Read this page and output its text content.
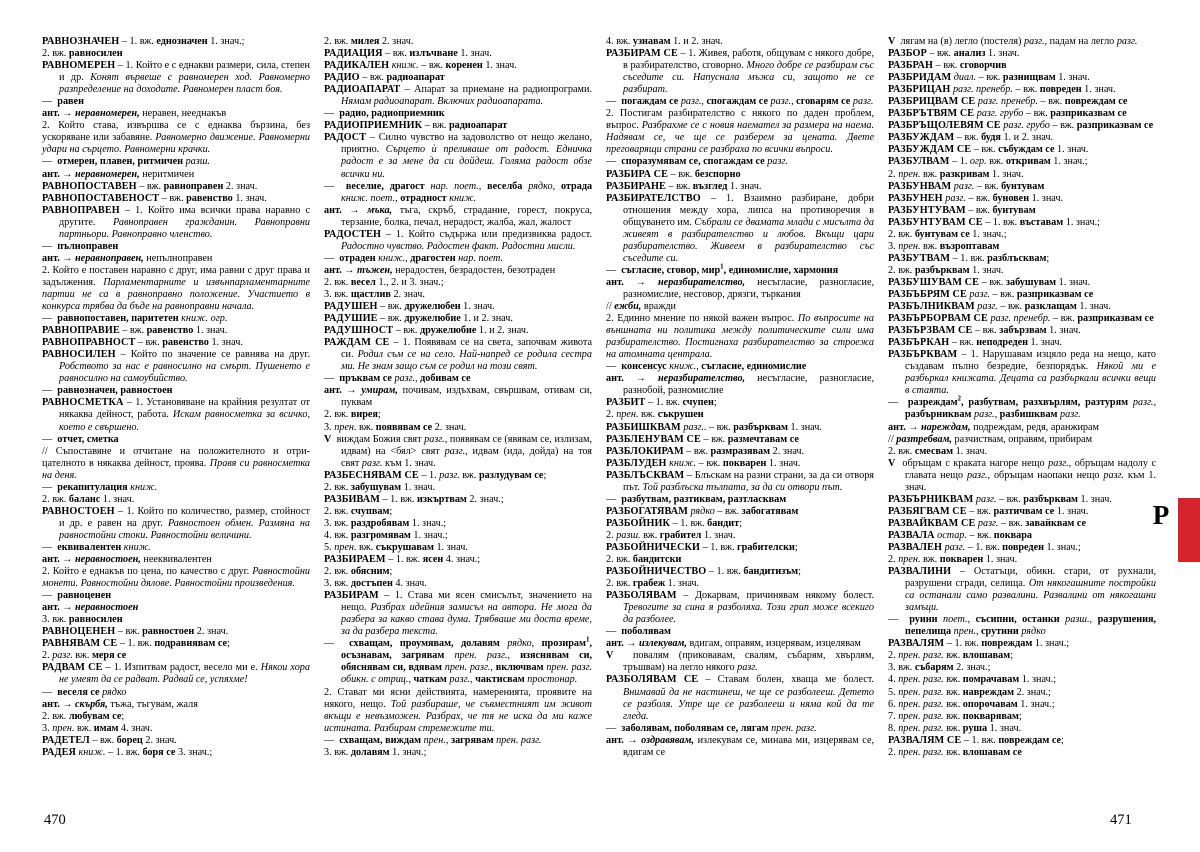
РАВНОЗНАЧЕН – 1. вж. еднозначен 1. знач.;

2. вж. равносилен

РАВНОМЕРЕН – 1. Който е с еднакви размери, сила, степен и др. Конят вървеше с равномерен ход. Равномерно разпределение на доходите. Равномерен пласт боя.

—  равен

ант. → неравномерен, неравен, нееднакъв

2. Който става, извършва се с еднаква бързина, без ускоряване или забавяне. Равномерно движение. Равномерни удари на сърцето. Равномерни крачки.

—  отмерен, плавен, ритмичен разш.

ант. → неравномерен, неритмичен

РАВНОПОСТАВЕН – вж. равноправен 2. знач.

РАВНОПОСТАВЕНОСТ – вж. равенство 1. знач.

РАВНОПРАВЕН – 1. Който има всички права наравно с другите. Равноправен гражданин. Равноправни партньори. Равноправно членство.

—  пълноправен

ант. → неравноправен, непълноправен

2. Който е поставен наравно с друг, има равни с друг права и задължения. Парламентарните и извънпарламентарните партии не са в равноправно положение. Участието в конкурса трябва да бъде на равноправни начала.

—  равнопоставен, паритетен книж. огр.

РАВНОПРАВИЕ – вж. равенство 1. знач.

РАВНОПРАВНОСТ – вж. равенство 1. знач.

РАВНОСИЛЕН – Който по значение се равнява на друг. Робството за нас е равносилно на смърт. Пушенето е равносилно на самоубийство.

—  равнозначен, равностоен

РАВНОСМЕТКА – 1. Установяване на крайния резултат от някаква дейност, работа. Искам равносметка за всичко, което е свършено.

—  отчет, сметка

// Съпоставяне и отчитане на положителното и отрицателното в някаква дейност, проява. Правя си равносметка на деня.

—  рекапитулация книж.

2. вж. баланс 1. знач.

РАВНОСТОЕН – 1. Който по количество, размер, стойност и др. е равен на друг. Равностоен обмен. Размяна на равностойни стоки. Равностойни величини.

—  еквивалентен книж.

ант. → неравностоен, нееквивалентен

2. Който е еднакъв по цена, по качество с друг. Равностойни монети. Равностойни дялове. Равностойни произведения.

—  равноценен

ант. → неравностоен

3. вж. равносилен

РАВНОЦЕНЕН – вж. равностоен 2. знач.

РАВНЯВАМ СЕ – 1. вж. подравнявам се;

2. разг. вж. меря се

РАДВАМ СЕ – 1. Изпитвам радост, весело ми е. Някои хора не умеят да се радват. Радвай се, успяхме!

—  веселя се рядко

ант. → скърбя, тъжа, тъгувам, жаля

2. вж. любувам се;

3. прен. вж. имам 4. знач.

РАДЕТЕЛ – вж. борец 2. знач.

РАДЕЯ книж. – 1. вж. боря се 3. знач.;

2. вж. милея 2. знач.

РАДИАЦИЯ – вж. излъчване 1. знач.

РАДИКАЛЕН книж. – вж. коренен 1. знач.

РАДИО – вж. радиоапарат

РАДИОАПАРАТ – Апарат за приемане на радиопрограми. Нямам радиоапарат. Включих радиоапарата.

—  радио, радиоприемник

РАДИОПРИЕМНИК – вж. радиоапарат

РАДОСТ – Силно чувство на задоволство от нещо желано, приятно. Сърцето ѝ преливаше от радост. Едничка радост е за мене да си дойдеш. Голяма радост обзе всички ни.

—  веселие, драгост нар. поет., веселба рядко, отрада книж. поет., отрадност книж.

ант. → мъка, тъга, скръб, страдание, горест, покруса, терзание, болка, печал, нерадост, жалба, жал, жалост

РАДОСТЕН – 1. Който съдържа или предизвиква радост. Радостно чувство. Радостен факт. Радостни мисли.

—  отраден книж., драгостен нар. поет.

ант. → тъжен, нерадостен, безрадостен, безотраден

2. вж. весел 1., 2. и 3. знач.;

3. вж. щастлив 2. знач.

РАДУШЕН – вж. дружелюбен 1. знач.

РАДУШИЕ – вж. дружелюбие 1. и 2. знач.

РАДУШНОСТ – вж. дружелюбие 1. и 2. знач.

РАЖДАМ СЕ – 1. Появявам се на света, започвам живота си. Родил съм се на село. Най-напред се родила сестра ми. Не знам защо съм се родил на този свят.

—  пръквам се разг., добивам се

ант. → умирам, почивам, издъхвам, свършвам, отивам си, пуквам

2. вж. вирея;

3. прен. вж. появявам се 2. знач.

V  виждам Божия свят разг., появявам се (явявам се, излизам, идвам) на <бял> свят разг., идвам (ида, дойда) на тоя свят разг. към 1. знач.

РАЗБЕСНЯВАМ СЕ – 1. разг. вж. разлудувам се;

2. вж. забушувам 1. знач.

РАЗБИВАМ – 1. вж. изкъртвам 2. знач.;

2. вж. счупвам;

3. вж. раздробявам 1. знач.;

4. вж. разгромявам 1. знач.;

5. прен. вж. съкрушавам 1. знач.

РАЗБИРАЕМ – 1. вж. ясен 4. знач.;

2. вж. обясним;

3. вж. достъпен 4. знач.

РАЗБИРАМ – 1. Става ми ясен смисълът, значението на нещо. Разбрах идейния замисъл на автора. Не мога да разбера за какво става дума. Трябваше ми доста време, за да разбера текста.

—  схващам, проумявам, долавям рядко, прозирам$^1$, осъзнавам, загрявам прен. разг., изяснявам си, обяснявам си, вдявам прен. разг., включвам прен. разг. обикн. с отриц., чаткам разг., чактисвам простонар.

2. Стават ми ясни действията, намеренията, проявите на някого, нещо. Той разбираше, че съвместният им живот вкъщи е невъзможен. Разбрах, че тя не иска да ми каже истината. Разбирам стремежите ти.

—  схващам, виждам прен., загрявам прен. разг.

3. вж. долавям 1. знач.;

4. вж. узнавам 1. и 2. знач.

РАЗБИРАМ СЕ – 1. Живея, работя, общувам с някого добре, в разбирателство, сговорно. Много добре се разбирам със съседите си. Напуснала мъжа си, защото не се разбират.

—  погаждам се разг., спогаждам се разг., сговарям се разг.

2. Постигам разбирателство с някого по даден проблем, въпрос. Разбрахме се с новия наемател за размера на наема. Надявам се, че ще се разберем за цената. Двете преговарящи страни се разбраха по всички въпроси.

—  споразумявам се, спогаждам се разг.

РАЗБИРА СЕ – вж. безспорно

РАЗБИРАНЕ – вж. възглед 1. знач.

РАЗБИРАТЕЛСТВО – 1. Взаимно разбиране, добри отношения между хора, липса на противоречия в общуването им. Събрали се двамата млади с мисълта да живеят в разбирателство и любов. Вкъщи цари разбирателство. Живеем в разбирателство със съседите си.

—  съгласие, сговор, мир$^1$, единомислие, хармония

ант. → неразбирателство, несъгласие, разногласие, разномислие, несговор, дрязги, търкания

// ежби, вражди

2. Единно мнение по някой важен въпрос. По въпросите на външната ни политика между политическите сили има разбирателство. Постигнаха разбирателство за строежа на атомната централа.

—  консенсус книж., съгласие, единомислие

ант. → неразбирателство, несъгласие, разногласие, разнобой, разномислие

РАЗБИТ – 1. вж. счупен;

2. прен. вж. съкрушен

РАЗБИШКВАМ разг.. – вж. разбърквам 1. знач.

РАЗБЛЕНУВАМ СЕ – вж. размечтавам се

РАЗБЛОКИРАМ – вж. размразявам 2. знач.

РАЗБЛУДЕН книж. – вж. покварен 1. знач.

РАЗБЛЪСКВАМ – Блъскам на разни страни, за да си отворя път. Той разблъска тълпата, за да си отвори път.

—  разбутвам, разтиквам, разтласквам

РАЗБОГАТЯВАМ рядко – вж. забогатявам

РАЗБОЙНИК – 1. вж. бандит;

2. разш. вж. грабител 1. знач.

РАЗБОЙНИЧЕСКИ – 1. вж. грабителски;

2. вж. бандитски

РАЗБОЙНИЧЕСТВО – 1. вж. бандитизъм;

2. вж. грабеж 1. знач.

РАЗБОЛЯВАМ – Докарвам, причинявам някому болест. Тревогите за сина я разболяха. Този грип може всекиго да разболее.

—  поболявам

ант. → излекувам, вдигам, оправям, изцерявам, изцелявам

V  повалям (приковавам, свалям, събарям, хвърлям, тръшвам) на легло някого разг.

РАЗБОЛЯВАМ СЕ – Ставам болен, хваща ме болест. Внимавай да не настинеш, че ще се разболееш. Детето се разболя. Утре ще се разболееш и няма кой да те гледа.

—  заболявам, поболявам се, лягам прен. разг.

ант. → оздравявам, излекувам се, минава ми, изцерявам се, вдигам се

V  лягам на (в) легло (постеля) разг., падам на легло разг.

РАЗБОР – вж. анализ 1. знач.

РАЗБРАН – вж. сговорчив

РАЗБРИДАМ диал. – вж. разнищвам 1. знач.

РАЗБРИЦАН разг. пренебр. – вж. повреден 1. знач.

РАЗБРИЦВАМ СЕ разг. пренебр. – вж. повреждам се

РАЗБРЪТВЯМ СЕ разг. грубо – вж. разприказвам се

РАЗБРЪЩОЛЕВЯМ СЕ разг. грубо – вж. разприказвам се

РАЗБУЖДАМ – вж. будя 1. и 2. знач.

РАЗБУЖДАМ СЕ – вж. събуждам се 1. знач.

РАЗБУЛВАМ – 1. огр. вж. откривам 1. знач.;

2. прен. вж. разкривам 1. знач.

РАЗБУНВАМ разг. – вж. бунтувам

РАЗБУНЕН разг. – вж. буновен 1. знач.

РАЗБУНТУВАМ – вж. бунтувам

РАЗБУНТУВАМ СЕ – 1. вж. въставам 1. знач.;

2. вж. бунтувам се 1. знач.;

3. прен. вж. възроптавам

РАЗБУТВАМ – 1. вж. разблъсквам;

2. вж. разбърквам 1. знач.

РАЗБУШУВАМ СЕ – вж. забушувам 1. знач.

РАЗБЪБРЯМ СЕ разг. – вж. разприказвам се

РАЗБЪЛНИКВАМ разг. – вж. разклащам 1. знач.

РАЗБЪРБОРВАМ СЕ разг. пренебр. – вж. разприказвам се

РАЗБЪРЗВАМ СЕ – вж. забързвам 1. знач.

РАЗБЪРКАН – вж. неподреден 1. знач.

РАЗБЪРКВАМ – 1. Нарушавам изцяло реда на нещо, като създавам пълно безредие, безпорядък. Някой ми е разбъркал книжата. Децата са разбъркали всички вещи в стаята.

—  разреждам$^2$, разбутвам, разхвърлям, разтурям разг., разбърниквам разг., разбишквам разг.

ант. → нареждам, подреждам, редя, аранжирам

// разтребвам, разчиствам, оправям, прибирам

2. вж. смесвам 1. знач.

V  обръщам с краката нагоре нещо разг., обръщам надолу с главата нещо разг., обръщам наопаки нещо разг. към 1. знач.

РАЗБЪРНИКВАМ разг. – вж. разбърквам 1. знач.

РАЗБЯГВАМ СЕ – вж. разтичвам се 1. знач.

РАЗВАЙКВАМ СЕ разг. – вж. завайквам се

РАЗВАЛА остар. – вж. поквара

РАЗВАЛЕН разг. – 1. вж. повреден 1. знач.;

2. прен. вж. покварен 1. знач.

РАЗВАЛИНИ – Остатъци, обикн. стари, от рухнали, разрушени сгради, селища. От някогашните постройки са останали само развалини. Развалини от някогашни замъци.

—  руини поет., съсипни, останки разш., разрушения, пепелища прен., срутини рядко

РАЗВАЛЯМ – 1. вж. повреждам 1. знач.;

2. прен. разг. вж. влошавам;

3. вж. събарям 2. знач.;

4. прен. разг. вж. помрачавам 1. знач.;

5. прен. разг. вж. навреждам 2. знач.;

6. прен. разг. вж. опорочавам 1. знач.;

7. прен. разг. вж. покварявам;

8. прен. разг. вж. руша 1. знач.

РАЗВАЛЯМ СЕ – 1. вж. повреждам се;

2. прен. разг. вж. влошавам се

P
470	471
